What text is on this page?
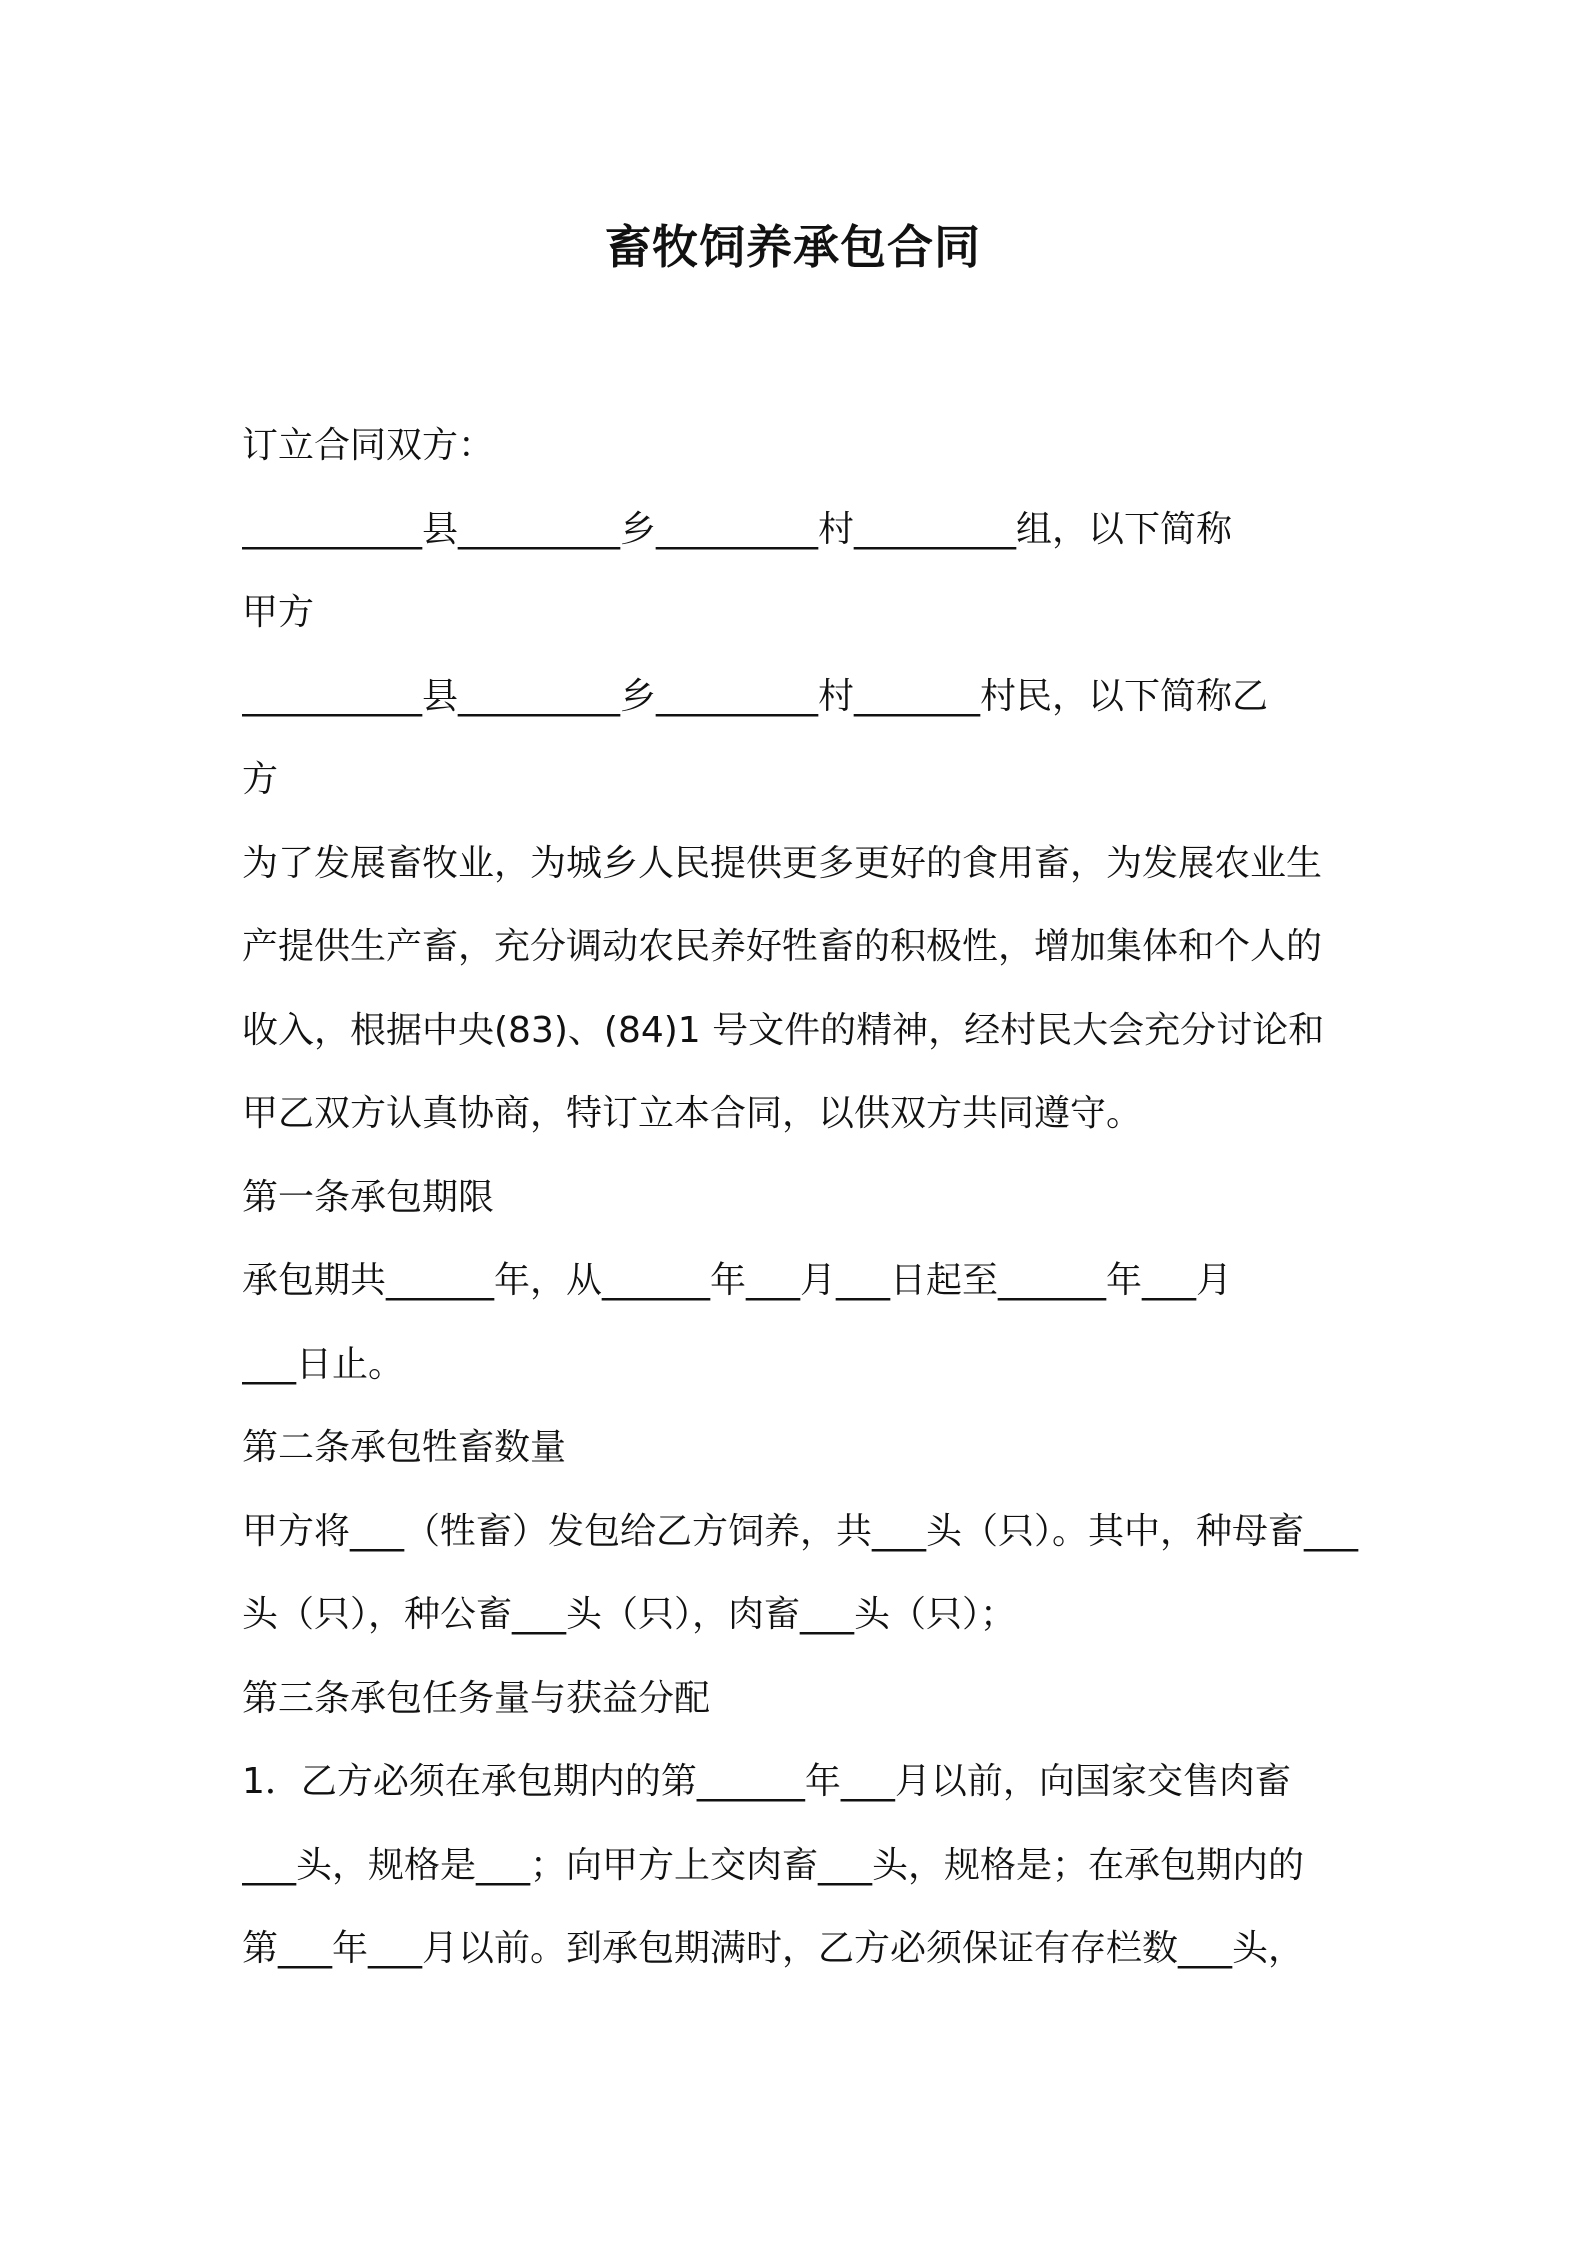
畜牧饲养承包合同
订立合同双方：
__________县_________乡_________村_________组，以下简称
甲方
__________县_________乡_________村_______村民，以下简称乙
方
为了发展畜牧业，为城乡人民提供更多更好的食用畜，为发展农业生
产提供生产畜，充分调动农民养好牲畜的积极性，增加集体和个人的
收入，根据中央(83)、(84)1 号文件的精神，经村民大会充分讨论和
甲乙双方认真协商，特订立本合同，以供双方共同遵守。
第一条承包期限
承包期共______年，从______年___月___日起至______年___月
___日止。
第二条承包牲畜数量
甲方将___（牲畜）发包给乙方饲养，共___头（只）。其中，种母畜___
头（只），种公畜___头（只），肉畜___头（只）；
第三条承包任务量与获益分配
1．乙方必须在承包期内的第______年___月以前，向国家交售肉畜
___头，规格是___；向甲方上交肉畜___头，规格是；在承包期内的
第___年___月以前。到承包期满时，乙方必须保证有存栏数___头，
